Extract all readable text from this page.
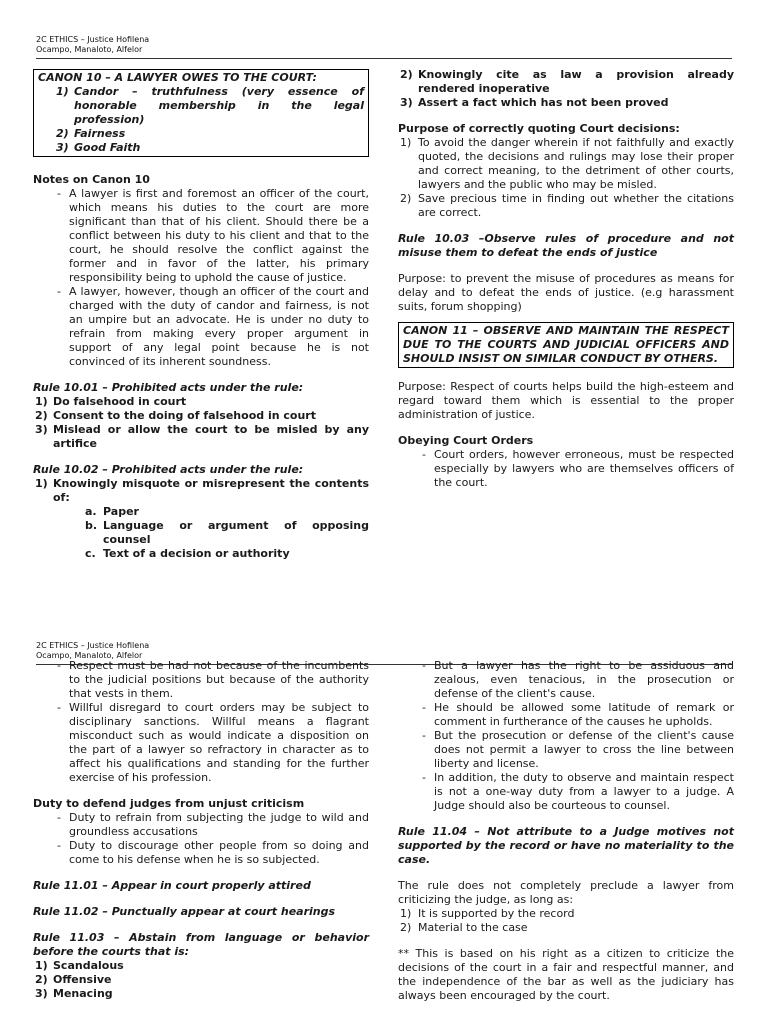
2C ETHICS – Justice Hofilena
Ocampo, Manaloto, Alfelor
CANON 10 – A LAWYER OWES TO THE COURT:
1) Candor – truthfulness (very essence of honorable membership in the legal profession)
2) Fairness
3) Good Faith
Notes on Canon 10
- A lawyer is first and foremost an officer of the court, which means his duties to the court are more significant than that of his client. Should there be a conflict between his duty to his client and that to the court, he should resolve the conflict against the former and in favor of the latter, his primary responsibility being to uphold the cause of justice.
- A lawyer, however, though an officer of the court and charged with the duty of candor and fairness, is not an umpire but an advocate. He is under no duty to refrain from making every proper argument in support of any legal point because he is not convinced of its inherent soundness.
Rule 10.01 – Prohibited acts under the rule:
1) Do falsehood in court
2) Consent to the doing of falsehood in court
3) Mislead or allow the court to be misled by any artifice
Rule 10.02 – Prohibited acts under the rule:
1) Knowingly misquote or misrepresent the contents of:
a. Paper
b. Language or argument of opposing counsel
c. Text of a decision or authority
2) Knowingly cite as law a provision already rendered inoperative
3) Assert a fact which has not been proved
Purpose of correctly quoting Court decisions:
1) To avoid the danger wherein if not faithfully and exactly quoted, the decisions and rulings may lose their proper and correct meaning, to the detriment of other courts, lawyers and the public who may be misled.
2) Save precious time in finding out whether the citations are correct.
Rule 10.03 –Observe rules of procedure and not misuse them to defeat the ends of justice
Purpose: to prevent the misuse of procedures as means for delay and to defeat the ends of justice. (e.g harassment suits, forum shopping)
CANON 11 – OBSERVE AND MAINTAIN THE RESPECT DUE TO THE COURTS AND JUDICIAL OFFICERS AND SHOULD INSIST ON SIMILAR CONDUCT BY OTHERS.
Purpose: Respect of courts helps build the high-esteem and regard toward them which is essential to the proper administration of justice.
Obeying Court Orders
- Court orders, however erroneous, must be respected especially by lawyers who are themselves officers of the court.
2C ETHICS – Justice Hofilena
Ocampo, Manaloto, Alfelor
- Respect must be had not because of the incumbents to the judicial positions but because of the authority that vests in them.
- Willful disregard to court orders may be subject to disciplinary sanctions. Willful means a flagrant misconduct such as would indicate a disposition on the part of a lawyer so refractory in character as to affect his qualifications and standing for the further exercise of his profession.
Duty to defend judges from unjust criticism
- Duty to refrain from subjecting the judge to wild and groundless accusations
- Duty to discourage other people from so doing and come to his defense when he is so subjected.
Rule 11.01 – Appear in court properly attired
Rule 11.02 – Punctually appear at court hearings
Rule 11.03 – Abstain from language or behavior before the courts that is:
1) Scandalous
2) Offensive
3) Menacing
- But a lawyer has the right to be assiduous and zealous, even tenacious, in the prosecution or defense of the client's cause.
- He should be allowed some latitude of remark or comment in furtherance of the causes he upholds.
- But the prosecution or defense of the client's cause does not permit a lawyer to cross the line between liberty and license.
- In addition, the duty to observe and maintain respect is not a one-way duty from a lawyer to a judge. A Judge should also be courteous to counsel.
Rule 11.04 – Not attribute to a Judge motives not supported by the record or have no materiality to the case.
The rule does not completely preclude a lawyer from criticizing the judge, as long as:
1) It is supported by the record
2) Material to the case
** This is based on his right as a citizen to criticize the decisions of the court in a fair and respectful manner, and the independence of the bar as well as the judiciary has always been encouraged by the court.
